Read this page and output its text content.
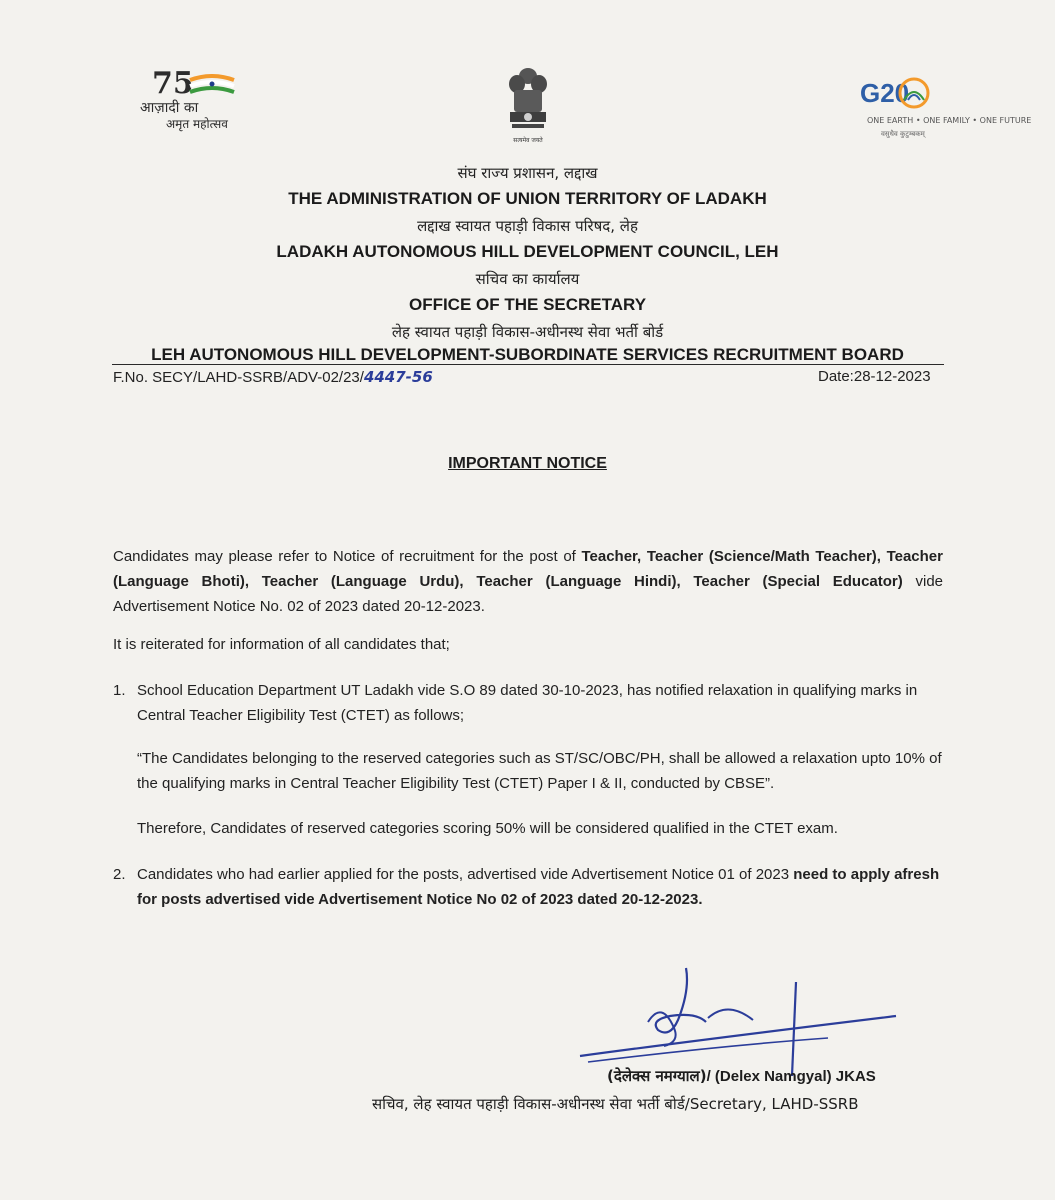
75
आज़ादी का
अमृत महोत्सव
सत्यमेव जयते
G20
ONE EARTH • ONE FAMILY • ONE FUTURE
वसुधैव कुटुम्बकम्
संघ राज्य प्रशासन, लद्दाख
THE ADMINISTRATION OF UNION TERRITORY OF LADAKH
लद्दाख स्वायत पहाड़ी विकास परिषद, लेह
LADAKH AUTONOMOUS HILL DEVELOPMENT COUNCIL, LEH
सचिव का कार्यालय
OFFICE OF THE SECRETARY
लेह स्वायत पहाड़ी विकास-अधीनस्थ सेवा भर्ती बोर्ड
LEH AUTONOMOUS HILL DEVELOPMENT-SUBORDINATE SERVICES RECRUITMENT BOARD
F.No. SECY/LAHD-SSRB/ADV-02/23/4447-56	Date:28-12-2023
IMPORTANT NOTICE
Candidates may please refer to Notice of recruitment for the post of Teacher, Teacher (Science/Math Teacher), Teacher (Language Bhoti), Teacher (Language Urdu), Teacher (Language Hindi), Teacher (Special Educator) vide Advertisement Notice No. 02 of 2023 dated 20-12-2023.
It is reiterated for information of all candidates that;
1. School Education Department UT Ladakh vide S.O 89 dated 30-10-2023, has notified relaxation in qualifying marks in Central Teacher Eligibility Test (CTET) as follows;
“The Candidates belonging to the reserved categories such as ST/SC/OBC/PH, shall be allowed a relaxation upto 10% of the qualifying marks in Central Teacher Eligibility Test (CTET) Paper I & II, conducted by CBSE”.
Therefore, Candidates of reserved categories scoring 50% will be considered qualified in the CTET exam.
2. Candidates who had earlier applied for the posts, advertised vide Advertisement Notice 01 of 2023 need to apply afresh for posts advertised vide Advertisement Notice No 02 of 2023 dated 20-12-2023.
(देलेक्स नमग्याल)/ (Delex Namgyal) JKAS
सचिव, लेह स्वायत पहाड़ी विकास-अधीनस्थ सेवा भर्ती बोर्ड/Secretary, LAHD-SSRB
